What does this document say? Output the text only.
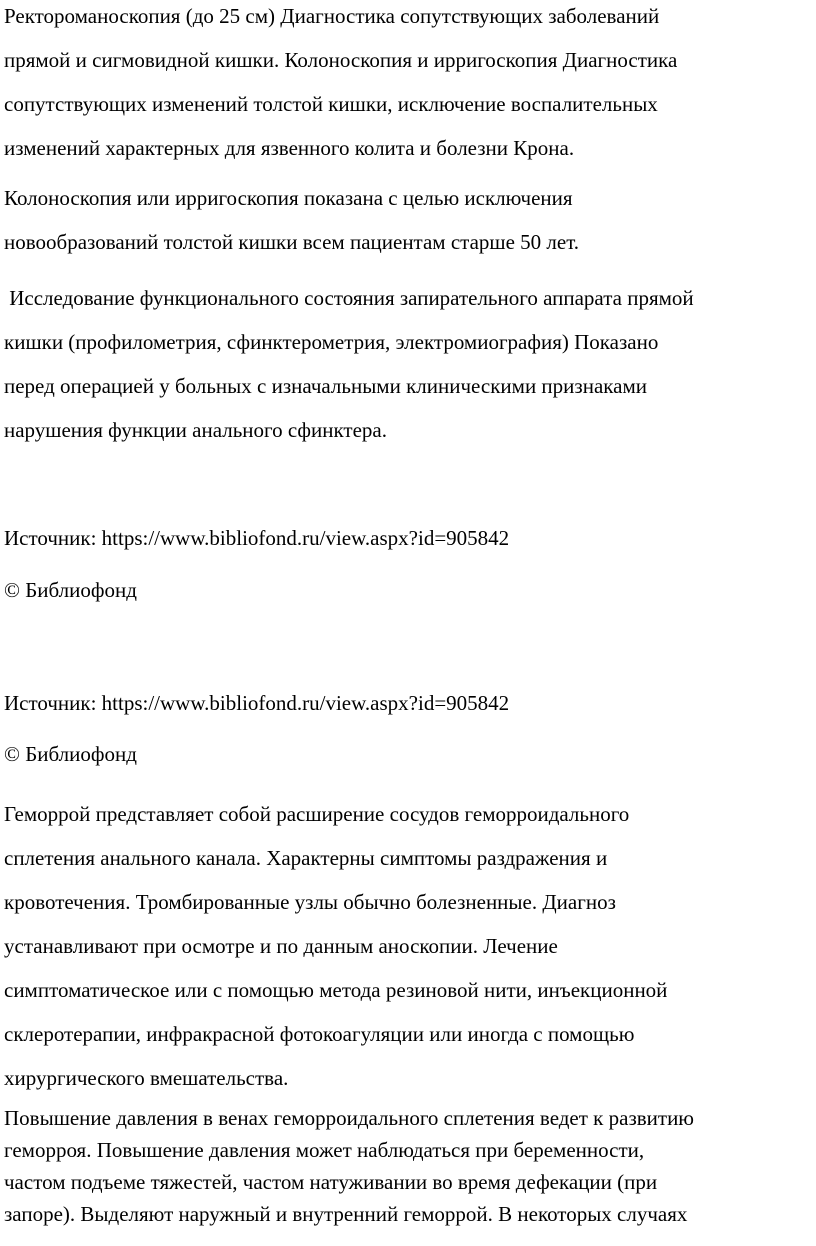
Ректороманоскопия (до 25 см) Диагностика сопутствующих заболеваний
прямой и сигмовидной кишки. Колоноскопия и ирригоскопия Диагностика
сопутствующих изменений толстой кишки, исключение воспалительных
изменений характерных для язвенного колита и болезни Крона.

Колоноскопия или ирригоскопия показана с целью исключения
новообразований толстой кишки всем пациентам старше 50 лет.

Исследование функционального состояния запирательного аппарата прямой
кишки (профилометрия, сфинктерометрия, электромиография) Показано
перед операцией у больных с изначальными клиническими признаками
нарушения функции анального сфинктера.

Источник: https://www.bibliofond.ru/view.aspx?id=905842

© Библиофонд

Источник: https://www.bibliofond.ru/view.aspx?id=905842

© Библиофонд

Геморрой представляет собой расширение сосудов геморроидального
сплетения анального канала. Характерны симптомы раздражения и
кровотечения. Тромбированные узлы обычно болезненные. Диагноз
устанавливают при осмотре и по данным аноскопии. Лечение
симптоматическое или с помощью метода резиновой нити, инъекционной
склеротерапии, инфракрасной фотокоагуляции или иногда с помощью
хирургического вмешательства.

Повышение давления в венах геморроидального сплетения ведет к развитию
геморроя. Повышение давления может наблюдаться при беременности,
частом подъеме тяжестей, частом натуживании во время дефекации (при
запоре). Выделяют наружный и внутренний геморрой. В некоторых случаях
